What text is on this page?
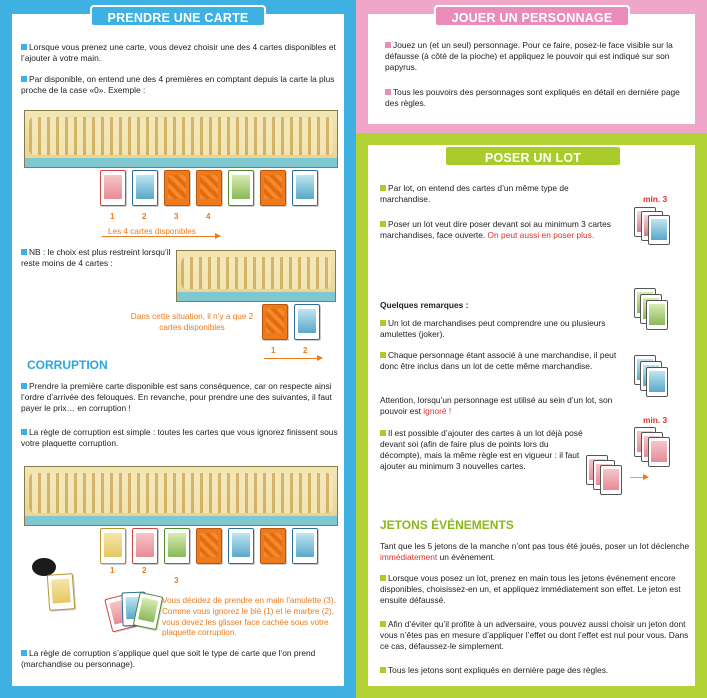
PRENDRE UNE CARTE
Lorsque vous prenez une carte, vous devez choisir une des 4 cartes disponibles et l’ajouter à votre main.
Par disponible, on entend une des 4 premières en comptant depuis la carte la plus proche de la case «0». Exemple :
1	2	3	4
Les 4 cartes disponibles
NB : le choix est plus restreint lorsqu’il reste moins de 4 cartes :
Dans cette situation, il n’y a que 2 cartes disponibles
1	2
CORRUPTION
Prendre la première carte disponible est sans conséquence, car on respecte ainsi l’ordre d’arrivée des felouques. En revanche, pour prendre une des suivantes, il faut payer le prix… en corruption !
La règle de corruption est simple : toutes les cartes que vous ignorez finissent sous votre plaquette corruption.
1	2
3
Vous décidez de prendre en main l’amulette (3). Comme vous ignorez le blé (1) et le marbre (2), vous devez les glisser face cachée sous votre plaquette corruption.
La règle de corruption s’applique quel que soit le type de carte que l’on prend (marchandise ou personnage).
JOUER UN PERSONNAGE
Jouez un (et un seul) personnage. Pour ce faire, posez-le face visible sur la défausse (à côté de la pioche) et appliquez le pouvoir qui est indiqué sur son papyrus.
Tous les pouvoirs des personnages sont expliqués en détail en dernière page des règles.
POSER UN LOT
Par lot, on entend des cartes d’un même type de marchandise.
Poser un lot veut dire poser devant soi au minimum 3 cartes marchandises, face ouverte. On peut aussi en poser plus.
min. 3
Quelques remarques :
Un lot de marchandises peut comprendre une ou plusieurs amulettes (joker).
Chaque personnage étant associé à une marchandise, il peut donc être inclus dans un lot de cette même marchandise.
Attention, lorsqu’un personnage est utilisé au sein d’un lot, son pouvoir est ignoré !
Il est possible d’ajouter des cartes à un lot déjà posé devant soi (afin de faire plus de points lors du décompte), mais la même règle est en vigueur : il faut ajouter au minimum 3 nouvelles cartes.
min. 3
JETONS ÉVÉNEMENTS
Tant que les 5 jetons de la manche n’ont pas tous été joués, poser un lot déclenche immédiatement un événement.
Lorsque vous posez un lot, prenez en main tous les jetons événement encore disponibles, choisissez-en un, et appliquez immédiatement son effet. Le jeton est ensuite défaussé.
Afin d’éviter qu’il profite à un adversaire, vous pouvez aussi choisir un jeton dont vous n’êtes pas en mesure d’appliquer l’effet ou dont l’effet est nul pour vous. Dans ce cas, défaussez-le simplement.
Tous les jetons sont expliqués en dernière page des règles.
